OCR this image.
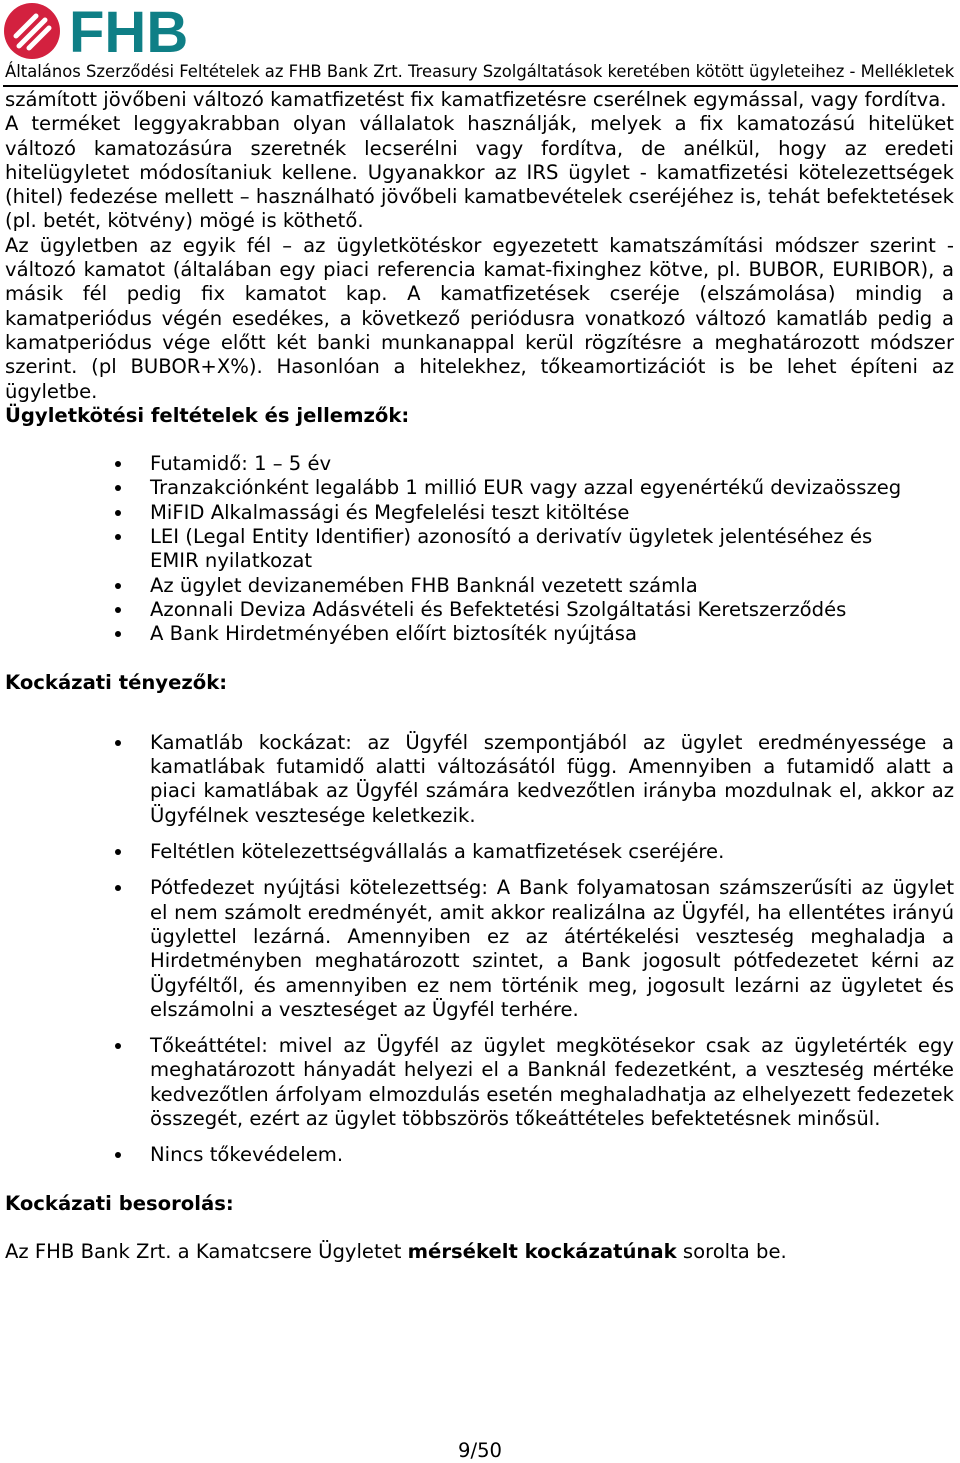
FHB
Általános Szerződési Feltételek az FHB Bank Zrt. Treasury Szolgáltatások keretében kötött ügyleteihez - Mellékletek

számított jövőbeni változó kamatfizetést fix kamatfizetésre cserélnek egymással, vagy fordítva.

A terméket leggyakrabban olyan vállalatok használják, melyek a fix kamatozású hitelüket változó kamatozásúra szeretnék lecserélni vagy fordítva, de anélkül, hogy az eredeti hitelügyletet módosítaniuk kellene. Ugyanakkor az IRS ügylet - kamatfizetési kötelezettségek (hitel) fedezése mellett – használható jövőbeli kamatbevételek cseréjéhez is, tehát befektetések (pl. betét, kötvény) mögé is köthető.

Az ügyletben az egyik fél – az ügyletkötéskor egyezetett kamatszámítási módszer szerint - változó kamatot (általában egy piaci referencia kamat-fixinghez kötve, pl. BUBOR, EURIBOR), a másik fél pedig fix kamatot kap. A kamatfizetések cseréje (elszámolása) mindig a kamatperiódus végén esedékes, a következő periódusra vonatkozó változó kamatláb pedig a kamatperiódus vége előtt két banki munkanappal kerül rögzítésre a meghatározott módszer szerint. (pl BUBOR+X%). Hasonlóan a hitelekhez, tőkeamortizációt is be lehet építeni az ügyletbe.

Ügyletkötési feltételek és jellemzők:
Futamidő: 1 – 5 év
Tranzakciónként legalább 1 millió EUR vagy azzal egyenértékű devizaösszeg
MiFID Alkalmassági és Megfelelési teszt kitöltése
LEI (Legal Entity Identifier) azonosító a derivatív ügyletek jelentéséhez és EMIR nyilatkozat
Az ügylet devizanemében FHB Banknál vezetett számla
Azonnali Deviza Adásvételi és Befektetési Szolgáltatási Keretszerződés
A Bank Hirdetményében előírt biztosíték nyújtása
Kockázati tényezők:
Kamatláb kockázat: az Ügyfél szempontjából az ügylet eredményessége a kamatlábak futamidő alatti változásától függ. Amennyiben a futamidő alatt a piaci kamatlábak az Ügyfél számára kedvezőtlen irányba mozdulnak el, akkor az Ügyfélnek vesztesége keletkezik.
Feltétlen kötelezettségvállalás a kamatfizetések cseréjére.
Pótfedezet nyújtási kötelezettség: A Bank folyamatosan számszerűsíti az ügylet el nem számolt eredményét, amit akkor realizálna az Ügyfél, ha ellentétes irányú ügylettel lezárná. Amennyiben ez az átértékelési veszteség meghaladja a Hirdetményben meghatározott szintet, a Bank jogosult pótfedezetet kérni az Ügyféltől, és amennyiben ez nem történik meg, jogosult lezárni az ügyletet és elszámolni a veszteséget az Ügyfél terhére.
Tőkeáttétel: mivel az Ügyfél az ügylet megkötésekor csak az ügyletérték egy meghatározott hányadát helyezi el a Banknál fedezetként, a veszteség mértéke kedvezőtlen árfolyam elmozdulás esetén meghaladhatja az elhelyezett fedezetek összegét, ezért az ügylet többszörös tőkeáttételes befektetésnek minősül.
Nincs tőkevédelem.
Kockázati besorolás:

Az FHB Bank Zrt. a Kamatcsere Ügyletet mérsékelt kockázatúnak sorolta be.

9/50
